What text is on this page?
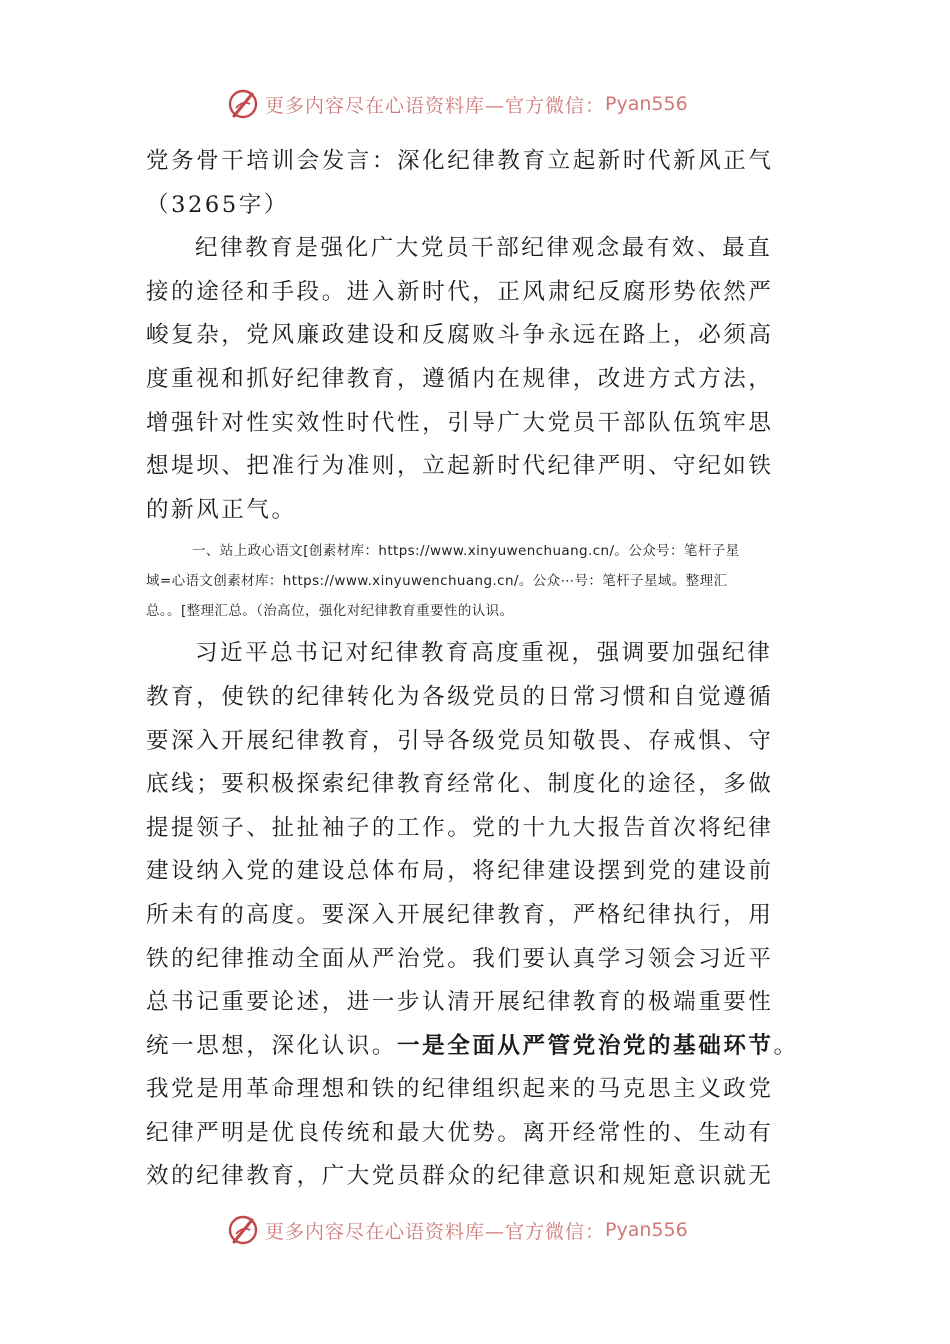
更多内容尽在心语资料库—官方微信： Pyan556
党务骨干培训会发言：深化纪律教育立起新时代新风正气
（3265字）
纪律教育是强化广大党员干部纪律观念最有效、最直
接的途径和手段。进入新时代，正风肃纪反腐形势依然严
峻复杂，党风廉政建设和反腐败斗争永远在路上，必须高
度重视和抓好纪律教育，遵循内在规律，改进方式方法，
增强针对性实效性时代性，引导广大党员干部队伍筑牢思
想堤坝、把准行为准则，立起新时代纪律严明、守纪如铁
的新风正气。
一、站上政心语文[创素材库：https://www.xinyuwenchuang.cn/。公众号：笔杆子星
域=心语文创素材库：https://www.xinyuwenchuang.cn/。公众⋯号：笔杆子星域。整理汇
总。。[整理汇总。（治高位，强化对纪律教育重要性的认识。
习近平总书记对纪律教育高度重视，强调要加强纪律
教育，使铁的纪律转化为各级党员的日常习惯和自觉遵循
要深入开展纪律教育，引导各级党员知敬畏、存戒惧、守
底线；要积极探索纪律教育经常化、制度化的途径，多做
提提领子、扯扯袖子的工作。党的十九大报告首次将纪律
建设纳入党的建设总体布局，将纪律建设摆到党的建设前
所未有的高度。要深入开展纪律教育，严格纪律执行，用
铁的纪律推动全面从严治党。我们要认真学习领会习近平
总书记重要论述，进一步认清开展纪律教育的极端重要性
统一思想，深化认识。一是全面从严管党治党的基础环节。
我党是用革命理想和铁的纪律组织起来的马克思主义政党
纪律严明是优良传统和最大优势。离开经常性的、生动有
效的纪律教育，广大党员群众的纪律意识和规矩意识就无
更多内容尽在心语资料库—官方微信： Pyan556
